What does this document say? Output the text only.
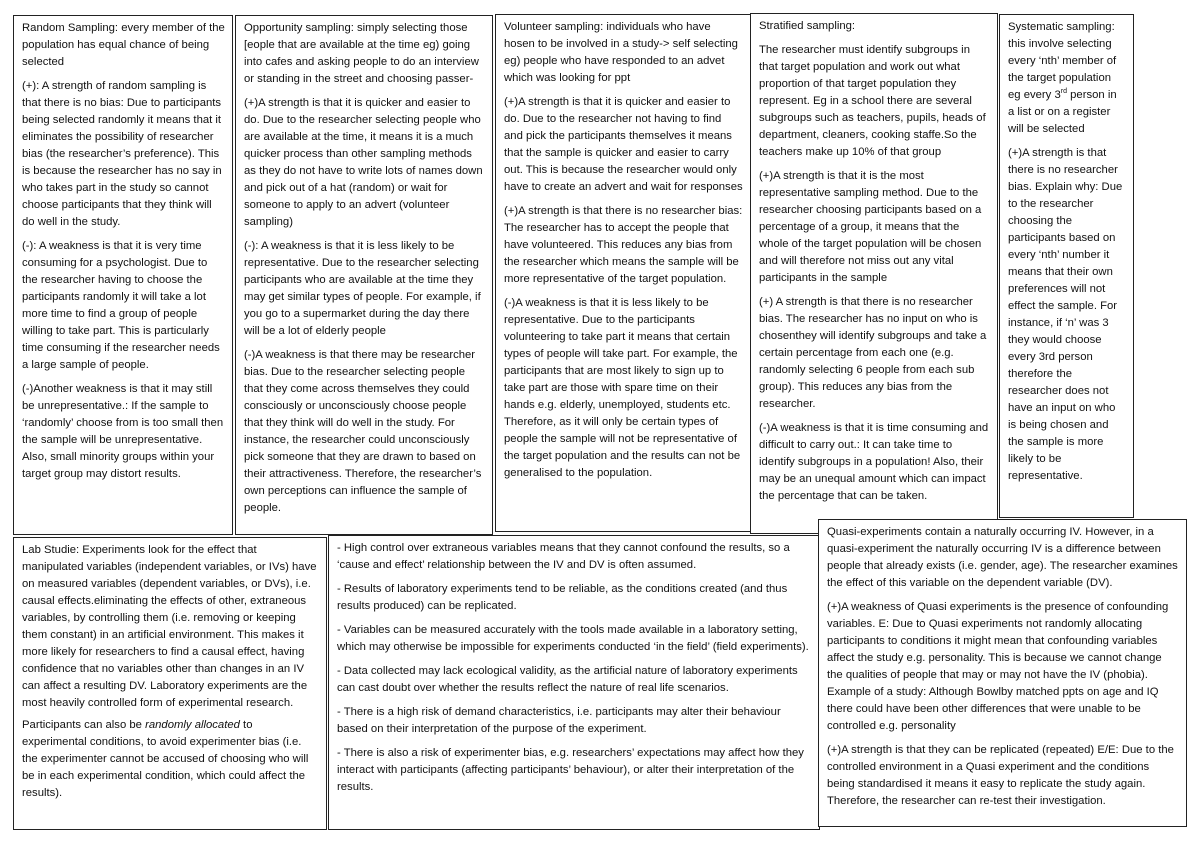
Random Sampling: every member of the population has equal chance of being selected

(+): A strength of random sampling is that there is no bias: Due to participants being selected randomly it means that it eliminates the possibility of researcher bias (the researcher’s preference). This is because the researcher has no say in who takes part in the study so cannot choose participants that they think will do well in the study.

(-): A weakness is that it is very time consuming for a psychologist. Due to the researcher having to choose the participants randomly it will take a lot more time to find a group of people willing to take part. This is particularly time consuming if the researcher needs a large sample of people.

(-)Another weakness is that it may still be unrepresentative.: If the sample to ‘randomly’ choose from is too small then the sample will be unrepresentative. Also, small minority groups within your target group may distort results.

Opportunity sampling: simply selecting those [eople that are available at the time eg) going into cafes and asking people to do an interview or standing in the street and choosing passer-

(+)A strength is that it is quicker and easier to do. Due to the researcher selecting people who are available at the time, it means it is a much quicker process than other sampling methods as they do not have to write lots of names down and pick out of a hat (random) or wait for someone to apply to an advert (volunteer sampling)

(-): A weakness is that it is less likely to be representative. Due to the researcher selecting participants who are available at the time they may get similar types of people. For example, if you go to a supermarket during the day there will be a lot of elderly people

(-)A weakness is that there may be researcher bias. Due to the researcher selecting people that they come across themselves they could consciously or unconsciously choose people that they think will do well in the study. For instance, the researcher could unconsciously pick someone that they are drawn to based on their attractiveness. Therefore, the researcher’s own perceptions can influence the sample of people.

Volunteer sampling: individuals who have hosen to be involved in a study-> self selecting eg) people who have responded to an advet which was looking for ppt

(+)A strength is that it is quicker and easier to do. Due to the researcher not having to find and pick the participants themselves it means that the sample is quicker and easier to carry out. This is because the researcher would only have to create an advert and wait for responses

(+)A strength is that there is no researcher bias: The researcher has to accept the people that have volunteered. This reduces any bias from the researcher which means the sample will be more representative of the target population.

(-)A weakness is that it is less likely to be representative. Due to the participants volunteering to take part it means that certain types of people will take part. For example, the participants that are most likely to sign up to take part are those with spare time on their hands e.g. elderly, unemployed, students etc. Therefore, as it will only be certain types of people the sample will not be representative of the target population and the results can not be generalised to the population.

Stratified sampling:

The researcher must identify subgroups in that target population and work out what proportion of that target population they represent. Eg in a school there are several subgroups such as teachers, pupils, heads of department, cleaners, cooking staffe.So the teachers make up 10% of that group

(+)A strength is that it is the most representative sampling method. Due to the researcher choosing participants based on a percentage of a group, it means that the whole of the target population will be chosen and will therefore not miss out any vital participants in the sample

(+) A strength is that there is no researcher bias. The researcher has no input on who is chosenthey will identify subgroups and take a certain percentage from each one (e.g. randomly selecting 6 people from each sub group). This reduces any bias from the researcher.

(-)A weakness is that it is time consuming and difficult to carry out.: It can take time to identify subgroups in a population! Also, their may be an unequal amount which can impact the percentage that can be taken.

Systematic sampling: this involve selecting every ‘nth’ member of the target population eg every 3rd person in a list or on a register will be selected

(+)A strength is that there is no researcher bias. Explain why: Due to the researcher choosing the participants based on every ‘nth’ number it means that their own preferences will not effect the sample. For instance, if ‘n’ was 3 they would choose every 3rd person therefore the researcher does not have an input on who is being chosen and the sample is more likely to be representative.

Lab Studie: Experiments look for the effect that manipulated variables (independent variables, or IVs) have on measured variables (dependent variables, or DVs), i.e. causal effects.eliminating the effects of other, extraneous variables, by controlling them (i.e. removing or keeping them constant) in an artificial environment. This makes it more likely for researchers to find a causal effect, having confidence that no variables other than changes in an IV can affect a resulting DV. Laboratory experiments are the most heavily controlled form of experimental research.

Participants can also be randomly allocated to experimental conditions, to avoid experimenter bias (i.e. the experimenter cannot be accused of choosing who will be in each experimental condition, which could affect the results).

- High control over extraneous variables means that they cannot confound the results, so a ‘cause and effect’ relationship between the IV and DV is often assumed.

- Results of laboratory experiments tend to be reliable, as the conditions created (and thus results produced) can be replicated.

- Variables can be measured accurately with the tools made available in a laboratory setting, which may otherwise be impossible for experiments conducted ‘in the field’ (field experiments).

- Data collected may lack ecological validity, as the artificial nature of laboratory experiments can cast doubt over whether the results reflect the nature of real life scenarios.

- There is a high risk of demand characteristics, i.e. participants may alter their behaviour based on their interpretation of the purpose of the experiment.

- There is also a risk of experimenter bias, e.g. researchers’ expectations may affect how they interact with participants (affecting participants’ behaviour), or alter their interpretation of the results.

Quasi-experiments contain a naturally occurring IV. However, in a quasi-experiment the naturally occurring IV is a difference between people that already exists (i.e. gender, age). The researcher examines the effect of this variable on the dependent variable (DV).

(+)A weakness of Quasi experiments is the presence of confounding variables. E: Due to Quasi experiments not randomly allocating participants to conditions it might mean that confounding variables affect the study e.g. personality. This is because we cannot change the qualities of people that may or may not have the IV (phobia). Example of a study: Although Bowlby matched ppts on age and IQ there could have been other differences that were unable to be controlled e.g. personality

(+)A strength is that they can be replicated (repeated) E/E: Due to the controlled environment in a Quasi experiment and the conditions being standardised it means it easy to replicate the study again. Therefore, the researcher can re-test their investigation.
